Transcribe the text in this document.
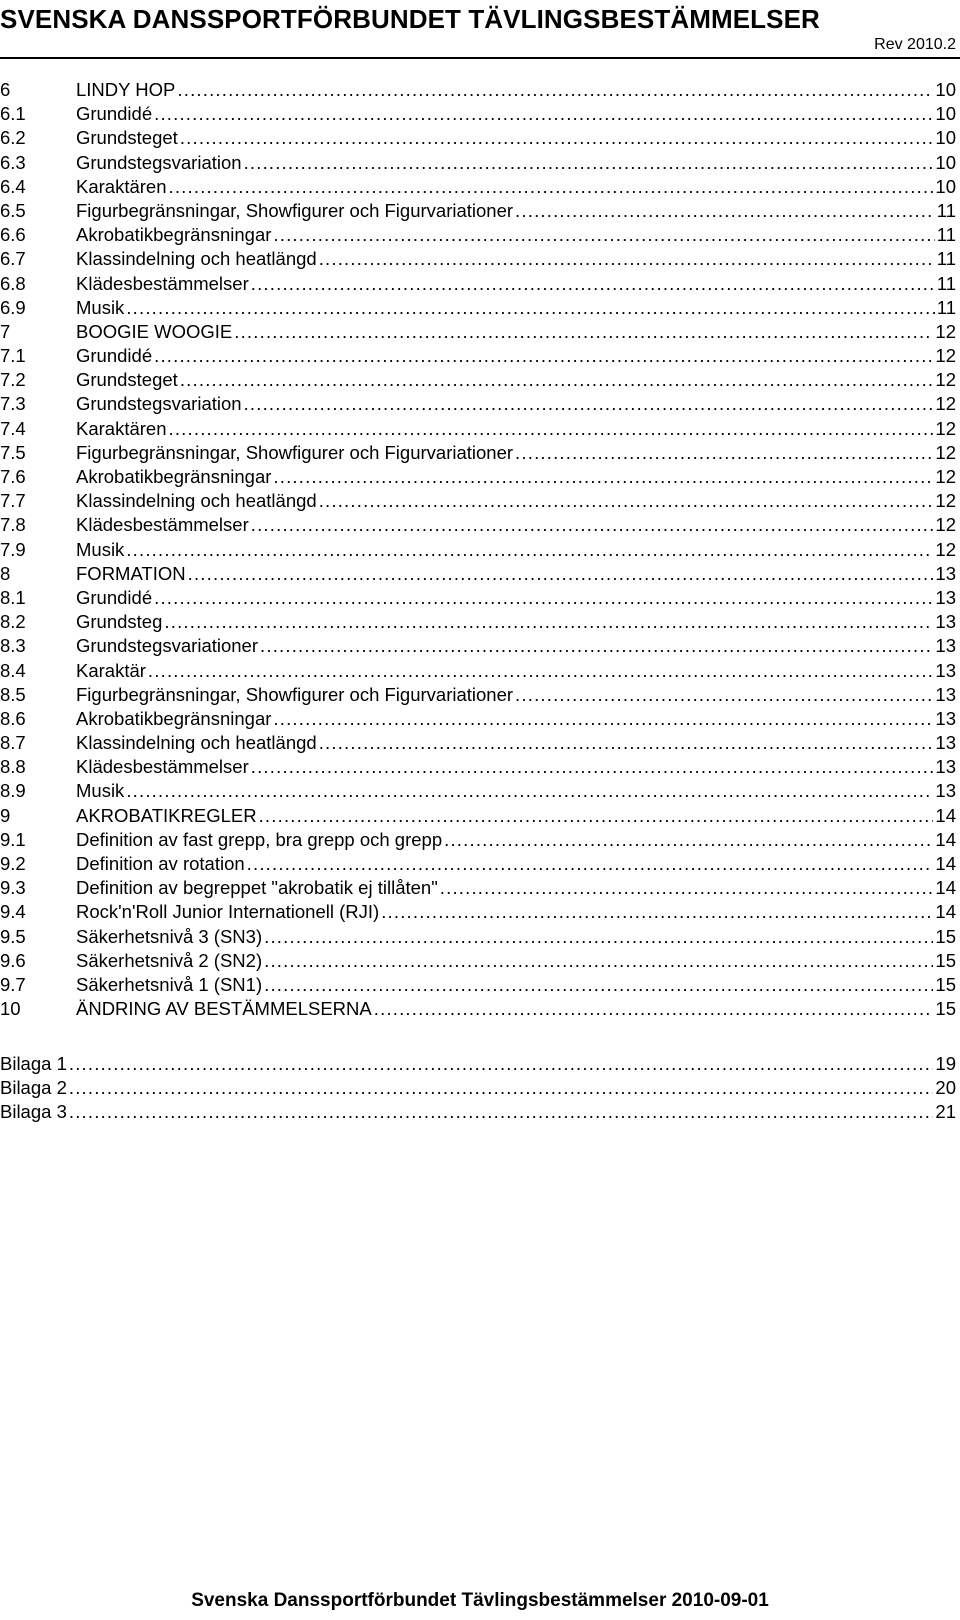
SVENSKA DANSSPORTFÖRBUNDET TÄVLINGSBESTÄMMELSER
Rev 2010.2
6	LINDY HOP .....	10
6.1	Grundidé .....	10
6.2	Grundsteget .....	10
6.3	Grundstegsvariation .....	10
6.4	Karaktären .....	10
6.5	Figurbegränsningar, Showfigurer och Figurvariationer .....	11
6.6	Akrobatikbegränsningar .....	11
6.7	Klassindelning och heatlängd .....	11
6.8	Klädesbestämmelser .....	11
6.9	Musik .....	11
7	BOOGIE WOOGIE .....	12
7.1	Grundidé .....	12
7.2	Grundsteget .....	12
7.3	Grundstegsvariation .....	12
7.4	Karaktären .....	12
7.5	Figurbegränsningar, Showfigurer och Figurvariationer .....	12
7.6	Akrobatikbegränsningar .....	12
7.7	Klassindelning och heatlängd .....	12
7.8	Klädesbestämmelser .....	12
7.9	Musik .....	12
8	FORMATION .....	13
8.1	Grundidé .....	13
8.2	Grundsteg .....	13
8.3	Grundstegsvariationer .....	13
8.4	Karaktär .....	13
8.5	Figurbegränsningar, Showfigurer och Figurvariationer .....	13
8.6	Akrobatikbegränsningar .....	13
8.7	Klassindelning och heatlängd .....	13
8.8	Klädesbestämmelser .....	13
8.9	Musik .....	13
9	AKROBATIKREGLER .....	14
9.1	Definition av fast grepp, bra grepp och grepp .....	14
9.2	Definition av rotation .....	14
9.3	Definition av begreppet "akrobatik ej tillåten" .....	14
9.4	Rock'n'Roll Junior Internationell (RJI) .....	14
9.5	Säkerhetsnivå 3 (SN3) .....	15
9.6	Säkerhetsnivå 2 (SN2) .....	15
9.7	Säkerhetsnivå 1 (SN1) .....	15
10	ÄNDRING AV BESTÄMMELSERNA .....	15
Bilaga 1 .....	19
Bilaga 2 .....	20
Bilaga 3 .....	21
Svenska Danssportförbundet Tävlingsbestämmelser 2010-09-01
